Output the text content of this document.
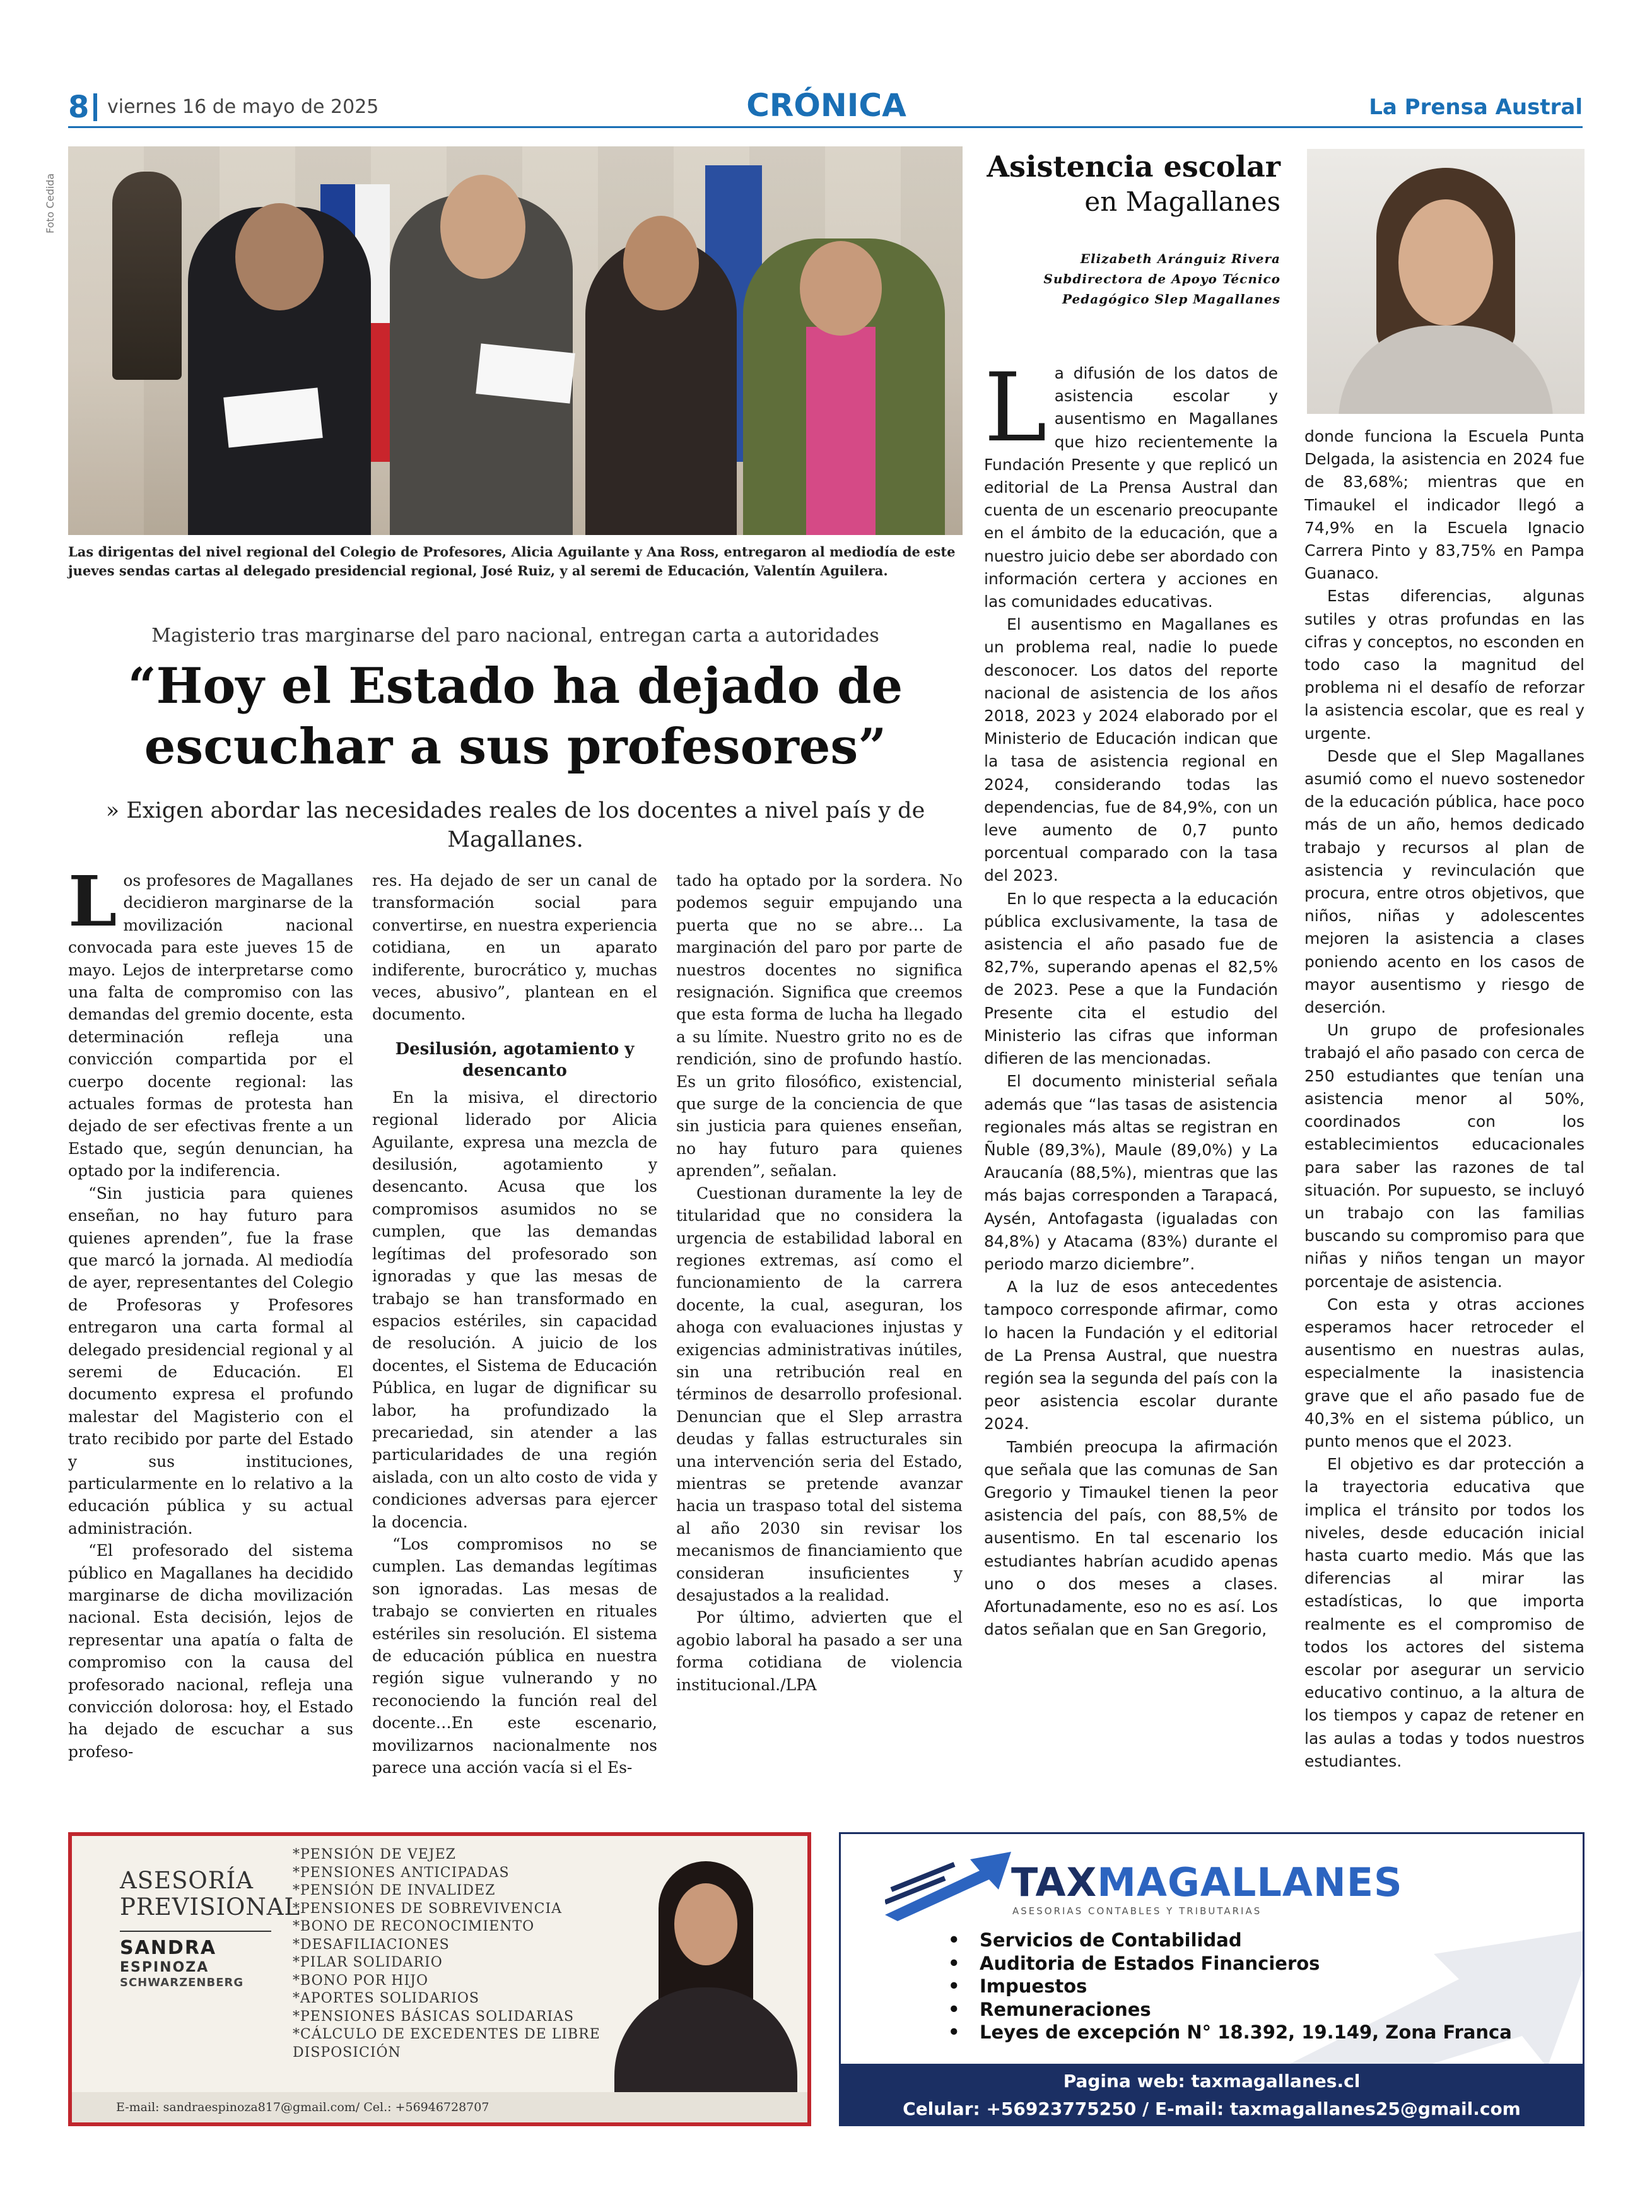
8 viernes 16 de mayo de 2025	CRÓNICA	La Prensa Austral
Foto Cedida
Las dirigentas del nivel regional del Colegio de Profesores, Alicia Aguilante y Ana Ross, entregaron al mediodía de este jueves sendas cartas al delegado presidencial regional, José Ruiz, y al seremi de Educación, Valentín Aguilera.
Magisterio tras marginarse del paro nacional, entregan carta a autoridades
“Hoy el Estado ha dejado de escuchar a sus profesores”
» Exigen abordar las necesidades reales de los docentes a nivel país y de Magallanes.

Los profesores de Magallanes decidieron marginarse de la movilización nacional convocada para este jueves 15 de mayo. Lejos de interpretarse como una falta de compromiso con las demandas del gremio docente, esta determinación refleja una convicción compartida por el cuerpo docente regional: las actuales formas de protesta han dejado de ser efectivas frente a un Estado que, según denuncian, ha optado por la indiferencia.

“Sin justicia para quienes enseñan, no hay futuro para quienes aprenden”, fue la frase que marcó la jornada. Al mediodía de ayer, representantes del Colegio de Profesoras y Profesores entregaron una carta formal al delegado presidencial regional y al seremi de Educación. El documento expresa el profundo malestar del Magisterio con el trato recibido por parte del Estado y sus instituciones, particularmente en lo relativo a la educación pública y su actual administración.

“El profesorado del sistema público en Magallanes ha decidido marginarse de dicha movilización nacional. Esta decisión, lejos de representar una apatía o falta de compromiso con la causa del profesorado nacional, refleja una convicción dolorosa: hoy, el Estado ha dejado de escuchar a sus profeso-

res. Ha dejado de ser un canal de transformación social para convertirse, en nuestra experiencia cotidiana, en un aparato indiferente, burocrático y, muchas veces, abusivo”, plantean en el documento.

Desilusión, agotamiento y desencanto

En la misiva, el directorio regional liderado por Alicia Aguilante, expresa una mezcla de desilusión, agotamiento y desencanto. Acusa que los compromisos asumidos no se cumplen, que las demandas legítimas del profesorado son ignoradas y que las mesas de trabajo se han transformado en espacios estériles, sin capacidad de resolución. A juicio de los docentes, el Sistema de Educación Pública, en lugar de dignificar su labor, ha profundizado la precariedad, sin atender a las particularidades de una región aislada, con un alto costo de vida y condiciones adversas para ejercer la docencia.

“Los compromisos no se cumplen. Las demandas legítimas son ignoradas. Las mesas de trabajo se convierten en rituales estériles sin resolución. El sistema de educación pública en nuestra región sigue vulnerando y no reconociendo la función real del docente…En este escenario, movilizarnos nacionalmente nos parece una acción vacía si el Es-

tado ha optado por la sordera. No podemos seguir empujando una puerta que no se abre… La marginación del paro por parte de nuestros docentes no significa resignación. Significa que creemos que esta forma de lucha ha llegado a su límite. Nuestro grito no es de rendición, sino de profundo hastío. Es un grito filosófico, existencial, que surge de la conciencia de que sin justicia para quienes enseñan, no hay futuro para quienes aprenden”, señalan.

Cuestionan duramente la ley de titularidad que no considera la urgencia de estabilidad laboral en regiones extremas, así como el funcionamiento de la carrera docente, la cual, aseguran, los ahoga con evaluaciones injustas y exigencias administrativas inútiles, sin una retribución real en términos de desarrollo profesional. Denuncian que el Slep arrastra deudas y fallas estructurales sin una intervención seria del Estado, mientras se pretende avanzar hacia un traspaso total del sistema al año 2030 sin revisar los mecanismos de financiamiento que consideran insuficientes y desajustados a la realidad.

Por último, advierten que el agobio laboral ha pasado a ser una forma cotidiana de violencia institucional./LPA

Asistencia escolar
en Magallanes
Elizabeth Aránguiz Rivera
Subdirectora de Apoyo Técnico
Pedagógico Slep Magallanes

La difusión de los datos de asistencia escolar y ausentismo en Magallanes que hizo recientemente la Fundación Presente y que replicó un editorial de La Prensa Austral dan cuenta de un escenario preocupante en el ámbito de la educación, que a nuestro juicio debe ser abordado con información certera y acciones en las comunidades educativas.

El ausentismo en Magallanes es un problema real, nadie lo puede desconocer. Los datos del reporte nacional de asistencia de los años 2018, 2023 y 2024 elaborado por el Ministerio de Educación indican que la tasa de asistencia regional en 2024, considerando todas las dependencias, fue de 84,9%, con un leve aumento de 0,7 punto porcentual comparado con la tasa del 2023.

En lo que respecta a la educación pública exclusivamente, la tasa de asistencia el año pasado fue de 82,7%, superando apenas el 82,5% de 2023. Pese a que la Fundación Presente cita el estudio del Ministerio las cifras que informan difieren de las mencionadas.

El documento ministerial señala además que “las tasas de asistencia regionales más altas se registran en Ñuble (89,3%), Maule (89,0%) y La Araucanía (88,5%), mientras que las más bajas corresponden a Tarapacá, Aysén, Antofagasta (igualadas con 84,8%) y Atacama (83%) durante el periodo marzo diciembre”.

A la luz de esos antecedentes tampoco corresponde afirmar, como lo hacen la Fundación y el editorial de La Prensa Austral, que nuestra región sea la segunda del país con la peor asistencia escolar durante 2024.

También preocupa la afirmación que señala que las comunas de San Gregorio y Timaukel tienen la peor asistencia del país, con 88,5% de ausentismo. En tal escenario los estudiantes habrían acudido apenas uno o dos meses a clases. Afortunadamente, eso no es así. Los datos señalan que en San Gregorio,

donde funciona la Escuela Punta Delgada, la asistencia en 2024 fue de 83,68%; mientras que en Timaukel el indicador llegó a 74,9% en la Escuela Ignacio Carrera Pinto y 83,75% en Pampa Guanaco.

Estas diferencias, algunas sutiles y otras profundas en las cifras y conceptos, no esconden en todo caso la magnitud del problema ni el desafío de reforzar la asistencia escolar, que es real y urgente.

Desde que el Slep Magallanes asumió como el nuevo sostenedor de la educación pública, hace poco más de un año, hemos dedicado trabajo y recursos al plan de asistencia y revinculación que procura, entre otros objetivos, que niños, niñas y adolescentes mejoren la asistencia a clases poniendo acento en los casos de mayor ausentismo y riesgo de deserción.

Un grupo de profesionales trabajó el año pasado con cerca de 250 estudiantes que tenían una asistencia menor al 50%, coordinados con los establecimientos educacionales para saber las razones de tal situación. Por supuesto, se incluyó un trabajo con las familias buscando su compromiso para que niñas y niños tengan un mayor porcentaje de asistencia.

Con esta y otras acciones esperamos hacer retroceder el ausentismo en nuestras aulas, especialmente la inasistencia grave que el año pasado fue de 40,3% en el sistema público, un punto menos que el 2023.

El objetivo es dar protección a la trayectoria educativa que implica el tránsito por todos los niveles, desde educación inicial hasta cuarto medio. Más que las diferencias al mirar las estadísticas, lo que importa realmente es el compromiso de todos los actores del sistema escolar por asegurar un servicio educativo continuo, a la altura de los tiempos y capaz de retener en las aulas a todas y todos nuestros estudiantes.

ASESORÍA
PREVISIONAL
SANDRA
ESPINOZA
SCHWARZENBERG
*PENSIÓN DE VEJEZ
*PENSIONES ANTICIPADAS
*PENSIÓN DE INVALIDEZ
*PENSIONES DE SOBREVIVENCIA
*BONO DE RECONOCIMIENTO
*DESAFILIACIONES
*PILAR SOLIDARIO
*BONO POR HIJO
*APORTES SOLIDARIOS
*PENSIONES BÁSICAS SOLIDARIAS
*CÁLCULO DE EXCEDENTES DE LIBRE DISPOSICIÓN
E-mail: sandraespinoza817@gmail.com/ Cel.: +56946728707
TAXMAGALLANES
ASESORIAS CONTABLES Y TRIBUTARIAS
• Servicios de Contabilidad
• Auditoria de Estados Financieros
• Impuestos
• Remuneraciones
• Leyes de excepción N° 18.392, 19.149, Zona Franca
Pagina web: taxmagallanes.cl
Celular: +56923775250 / E-mail: taxmagallanes25@gmail.com
